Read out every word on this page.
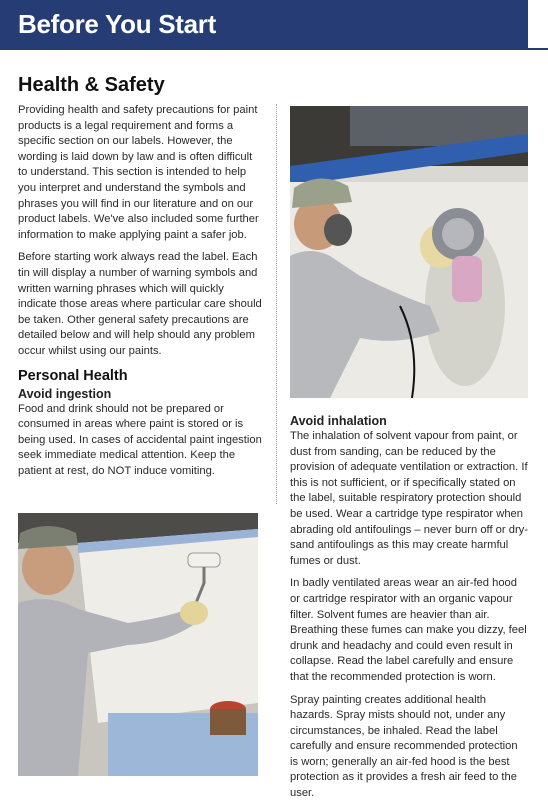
Before You Start
Health & Safety

Providing health and safety precautions for paint products is a legal requirement and forms a specific section on our labels. However, the wording is laid down by law and is often difficult to understand. This section is intended to help you interpret and understand the symbols and phrases you will find in our literature and on our product labels. We've also included some further information to make applying paint a safer job.

Before starting work always read the label. Each tin will display a number of warning symbols and written warning phrases which will quickly indicate those areas where particular care should be taken. Other general safety precautions are detailed below and will help should any problem occur whilst using our paints.

Personal Health
Avoid ingestion

Food and drink should not be prepared or consumed in areas where paint is stored or is being used. In cases of accidental paint ingestion seek immediate medical attention. Keep the patient at rest, do NOT induce vomiting.

Avoid inhalation

The inhalation of solvent vapour from paint, or dust from sanding, can be reduced by the provision of adequate ventilation or extraction. If this is not sufficient, or if specifically stated on the label, suitable respiratory protection should be used. Wear a cartridge type respirator when abrading old antifoulings – never burn off or dry-sand antifoulings as this may create harmful fumes or dust.

In badly ventilated areas wear an air-fed hood or cartridge respirator with an organic vapour filter. Solvent fumes are heavier than air. Breathing these fumes can make you dizzy, feel drunk and headachy and could even result in collapse. Read the label carefully and ensure that the recommended protection is worn.

Spray painting creates additional health hazards. Spray mists should not, under any circumstances, be inhaled. Read the label carefully and ensure recommended protection is worn; generally an air-fed hood is the best protection as it provides a fresh air feed to the user.
